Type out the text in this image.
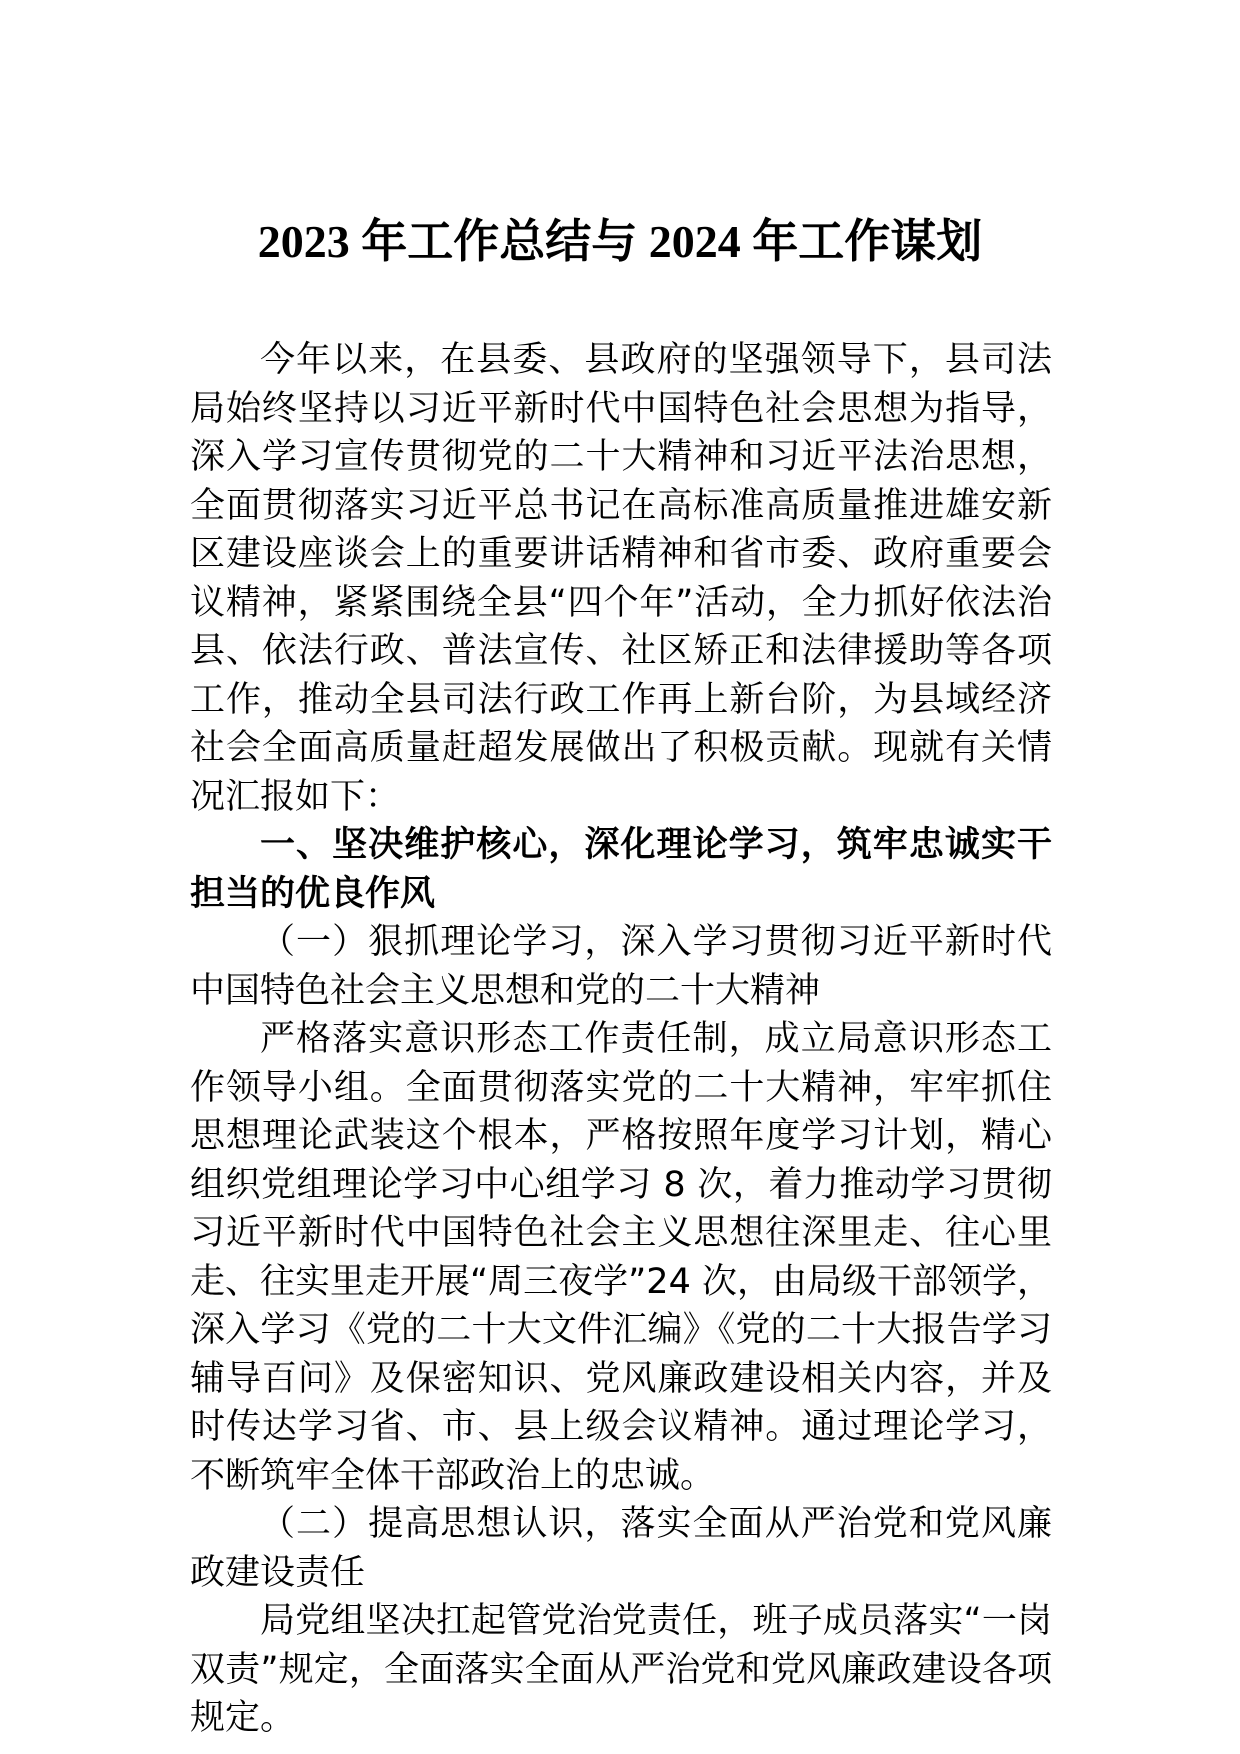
2023 年工作总结与 2024 年工作谋划

今年以来，在县委、县政府的坚强领导下，县司法局始终坚持以习近平新时代中国特色社会思想为指导，深入学习宣传贯彻党的二十大精神和习近平法治思想，全面贯彻落实习近平总书记在高标准高质量推进雄安新区建设座谈会上的重要讲话精神和省市委、政府重要会议精神，紧紧围绕全县“四个年”活动，全力抓好依法治县、依法行政、普法宣传、社区矫正和法律援助等各项工作，推动全县司法行政工作再上新台阶，为县域经济社会全面高质量赶超发展做出了积极贡献。现就有关情况汇报如下：

一、坚决维护核心，深化理论学习，筑牢忠诚实干担当的优良作风

（一）狠抓理论学习，深入学习贯彻习近平新时代中国特色社会主义思想和党的二十大精神

严格落实意识形态工作责任制，成立局意识形态工作领导小组。全面贯彻落实党的二十大精神，牢牢抓住思想理论武装这个根本，严格按照年度学习计划，精心组织党组理论学习中心组学习 8 次，着力推动学习贯彻习近平新时代中国特色社会主义思想往深里走、往心里走、往实里走开展“周三夜学”24 次，由局级干部领学，深入学习《党的二十大文件汇编》《党的二十大报告学习辅导百问》及保密知识、党风廉政建设相关内容，并及时传达学习省、市、县上级会议精神。通过理论学习，不断筑牢全体干部政治上的忠诚。

（二）提高思想认识，落实全面从严治党和党风廉政建设责任

局党组坚决扛起管党治党责任，班子成员落实“一岗双责”规定，全面落实全面从严治党和党风廉政建设各项规定。
